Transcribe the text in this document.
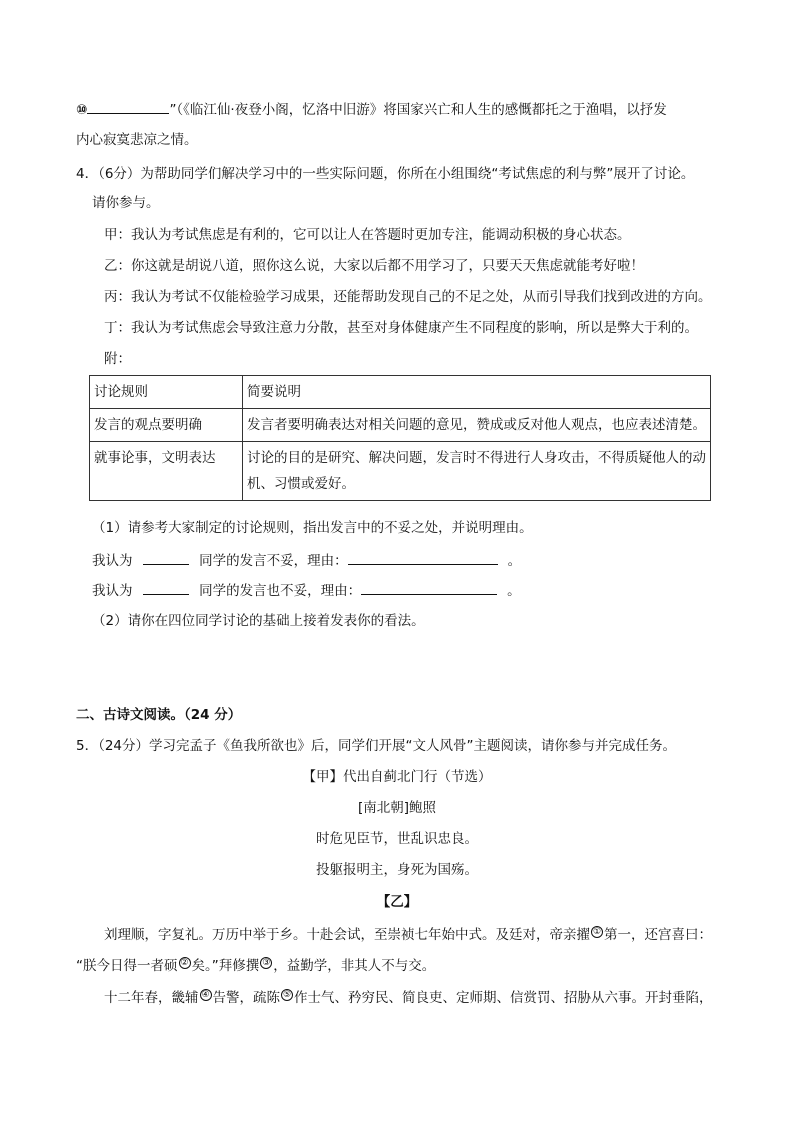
⑩	”（《临江仙·夜登小阁，忆洛中旧游》将国家兴亡和人生的感慨都托之于渔唱，以抒发
内心寂寞悲凉之情。
4．（6分）为帮助同学们解决学习中的一些实际问题，你所在小组围绕“考试焦虑的利与弊”展开了讨论。
请你参与。
甲：我认为考试焦虑是有利的，它可以让人在答题时更加专注，能调动积极的身心状态。
乙：你这就是胡说八道，照你这么说，大家以后都不用学习了，只要天天焦虑就能考好啦！
丙：我认为考试不仅能检验学习成果，还能帮助发现自己的不足之处，从而引导我们找到改进的方向。
丁：我认为考试焦虑会导致注意力分散，甚至对身体健康产生不同程度的影响，所以是弊大于利的。
附：
讨论规则	简要说明
发言的观点要明确	发言者要明确表达对相关问题的意见，赞成或反对他人观点，也应表述清楚。
就事论事，文明表达	讨论的目的是研究、解决问题，发言时不得进行人身攻击，不得质疑他人的动机、习惯或爱好。
（1）请参考大家制定的讨论规则，指出发言中的不妥之处，并说明理由。
我认为	同学的发言不妥，理由：	。
我认为	同学的发言也不妥，理由：	。
（2）请你在四位同学讨论的基础上接着发表你的看法。
二、古诗文阅读。（24 分）
5．（24分）学习完孟子《鱼我所欲也》后，同学们开展“文人风骨”主题阅读，请你参与并完成任务。
【甲】代出自蓟北门行（节选）
[南北朝]鲍照
时危见臣节，世乱识忠良。
投躯报明主，身死为国殇。
【乙】
刘理顺，字复礼。万历中举于乡。十赴会试，至崇祯七年始中式。及廷对，帝亲擢 ① 第一，还宫喜曰：
“朕今日得一者硕 ② 矣。”拜修撰 ③ ，益勤学，非其人不与交。
十二年春，畿辅 ④ 告警，疏陈 ⑤ 作士气、矜穷民、简良吏、定师期、信赏罚、招胁从六事。开封垂陷，
